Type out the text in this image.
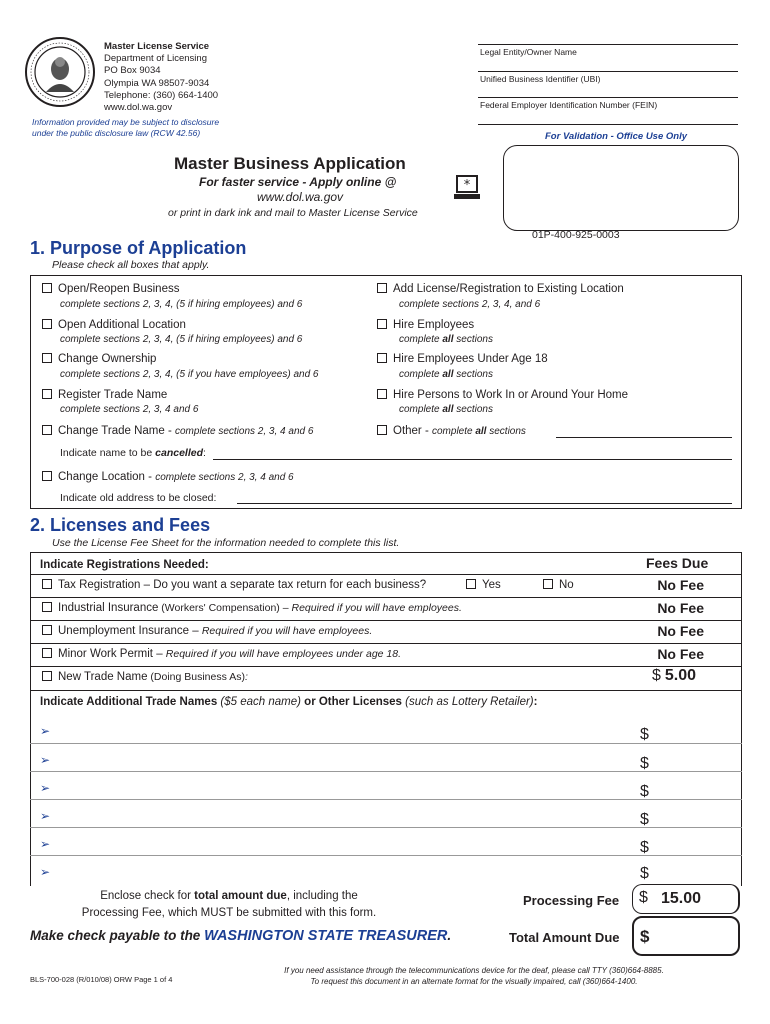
Master License Service
Department of Licensing
PO Box 9034
Olympia WA 98507-9034
Telephone: (360) 664-1400
www.dol.wa.gov
Information provided may be subject to disclosure
under the public disclosure law (RCW 42.56)
Legal Entity/Owner Name
Unified Business Identifier (UBI)
Federal Employer Identification Number (FEIN)
For Validation - Office Use Only
Master Business Application
For faster service - Apply online @
www.dol.wa.gov
or print in dark ink and mail to Master License Service
*
01P-400-925-0003
1. Purpose of Application
Please check all boxes that apply.
Open/Reopen Business
complete sections 2, 3, 4, (5 if hiring employees) and 6
Open Additional Location
complete sections 2, 3, 4, (5 if hiring employees) and 6
Change Ownership
complete sections 2, 3, 4, (5 if you have employees) and 6
Register Trade Name
complete sections 2, 3, 4 and 6
Change Trade Name - complete sections 2, 3, 4 and 6
Add License/Registration to Existing Location
complete sections 2, 3, 4, and 6
Hire Employees
complete all sections
Hire Employees Under Age 18
complete all sections
Hire Persons to Work In or Around Your Home
complete all sections
Other - complete all sections
Indicate name to be cancelled:
Change Location - complete sections 2, 3, 4 and 6
Indicate old address to be closed:
2. Licenses and Fees
Use the License Fee Sheet for the information needed to complete this list.
Indicate Registrations Needed:	Fees Due
Tax Registration – Do you want a separate tax return for each business?	Yes	No	No Fee
Industrial Insurance (Workers' Compensation) – Required if you will have employees.	No Fee
Unemployment Insurance – Required if you will have employees.	No Fee
Minor Work Permit – Required if you will have employees under age 18.	No Fee
New Trade Name (Doing Business As):	$ 5.00
Indicate Additional Trade Names ($5 each name) or Other Licenses (such as Lottery Retailer):
➢	$
➢	$
➢	$
➢	$
➢	$
➢	$
Enclose check for total amount due, including the
Processing Fee, which MUST be submitted with this form.
Processing Fee $ 15.00
Make check payable to the WASHINGTON STATE TREASURER.	Total Amount Due $
BLS-700-028 (R/010/08) ORW Page 1 of 4
If you need assistance through the telecommunications device for the deaf, please call TTY (360)664-8885.
To request this document in an alternate format for the visually impaired, call (360)664-1400.
